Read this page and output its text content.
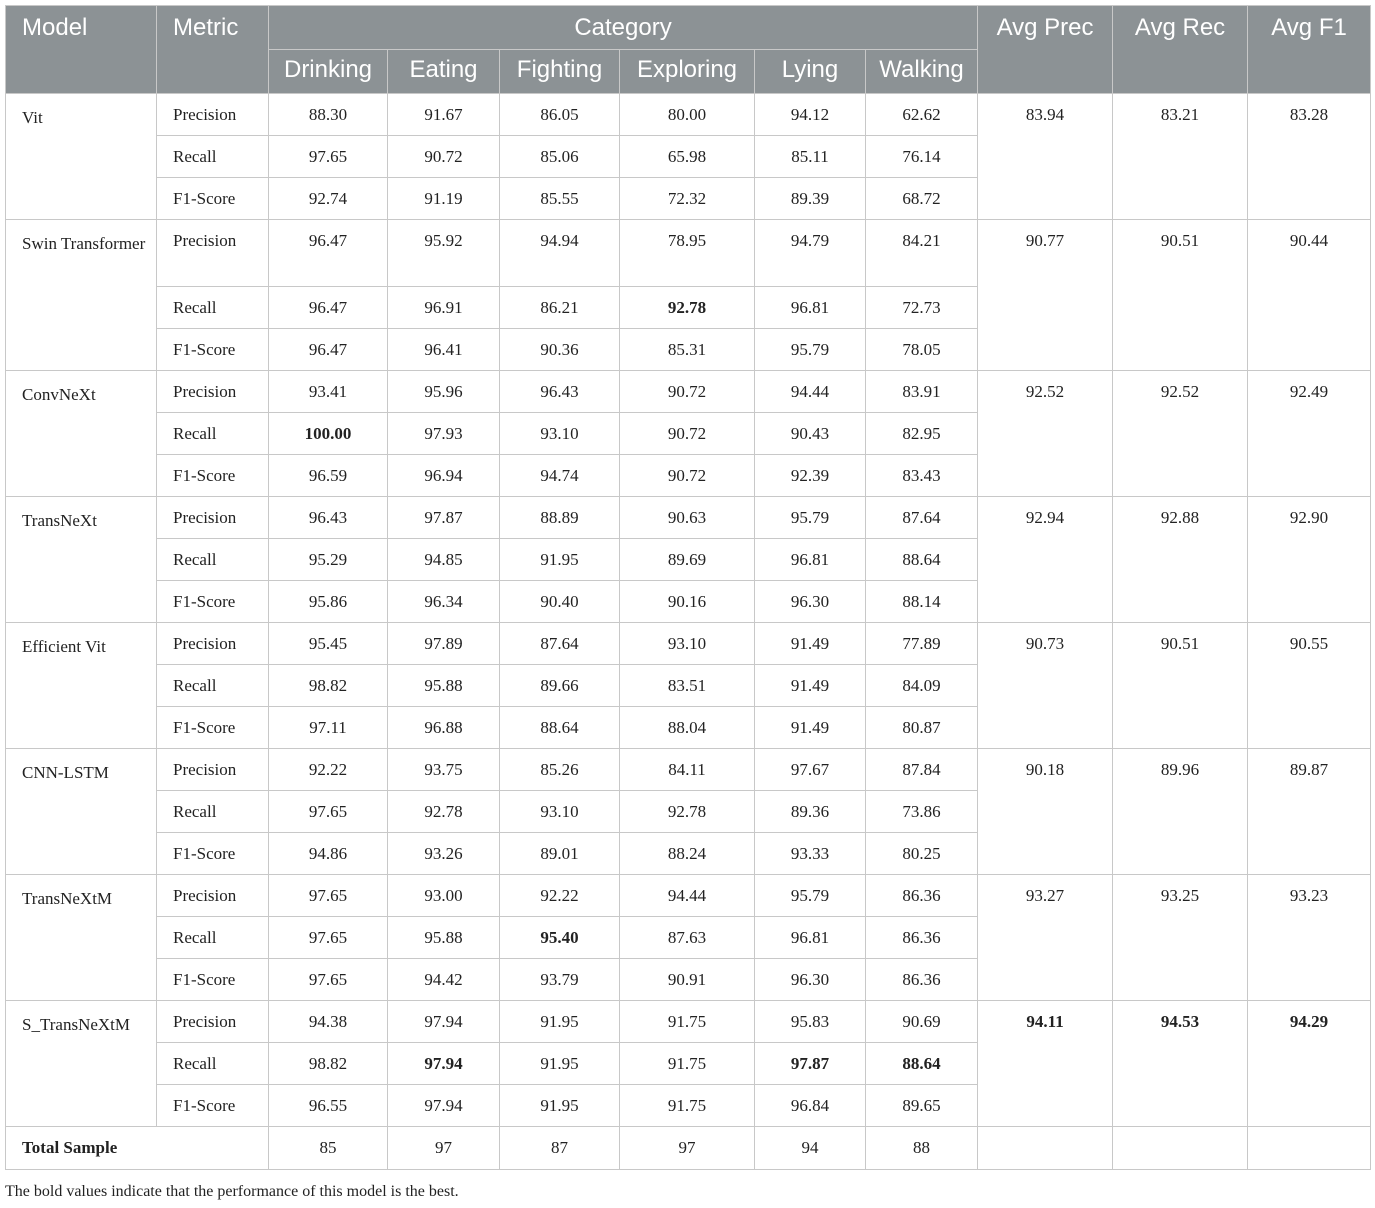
Model	Metric	Category						Avg Prec	Avg Rec	Avg F1
		Drinking	Eating	Fighting	Exploring	Lying	Walking			
Vit	Precision	88.30	91.67	86.05	80.00	94.12	62.62	83.94	83.21	83.28
	Recall	97.65	90.72	85.06	65.98	85.11	76.14			
	F1-Score	92.74	91.19	85.55	72.32	89.39	68.72			
Swin Transformer	Precision	96.47	95.92	94.94	78.95	94.79	84.21	90.77	90.51	90.44
	Recall	96.47	96.91	86.21	92.78	96.81	72.73			
	F1-Score	96.47	96.41	90.36	85.31	95.79	78.05			
ConvNeXt	Precision	93.41	95.96	96.43	90.72	94.44	83.91	92.52	92.52	92.49
	Recall	100.00	97.93	93.10	90.72	90.43	82.95			
	F1-Score	96.59	96.94	94.74	90.72	92.39	83.43			
TransNeXt	Precision	96.43	97.87	88.89	90.63	95.79	87.64	92.94	92.88	92.90
	Recall	95.29	94.85	91.95	89.69	96.81	88.64			
	F1-Score	95.86	96.34	90.40	90.16	96.30	88.14			
Efficient Vit	Precision	95.45	97.89	87.64	93.10	91.49	77.89	90.73	90.51	90.55
	Recall	98.82	95.88	89.66	83.51	91.49	84.09			
	F1-Score	97.11	96.88	88.64	88.04	91.49	80.87			
CNN-LSTM	Precision	92.22	93.75	85.26	84.11	97.67	87.84	90.18	89.96	89.87
	Recall	97.65	92.78	93.10	92.78	89.36	73.86			
	F1-Score	94.86	93.26	89.01	88.24	93.33	80.25			
TransNeXtM	Precision	97.65	93.00	92.22	94.44	95.79	86.36	93.27	93.25	93.23
	Recall	97.65	95.88	95.40	87.63	96.81	86.36			
	F1-Score	97.65	94.42	93.79	90.91	96.30	86.36			
S_TransNeXtM	Precision	94.38	97.94	91.95	91.75	95.83	90.69	94.11	94.53	94.29
	Recall	98.82	97.94	91.95	91.75	97.87	88.64			
	F1-Score	96.55	97.94	91.95	91.75	96.84	89.65			
Total Sample		85	97	87	97	94	88			
The bold values indicate that the performance of this model is the best.
